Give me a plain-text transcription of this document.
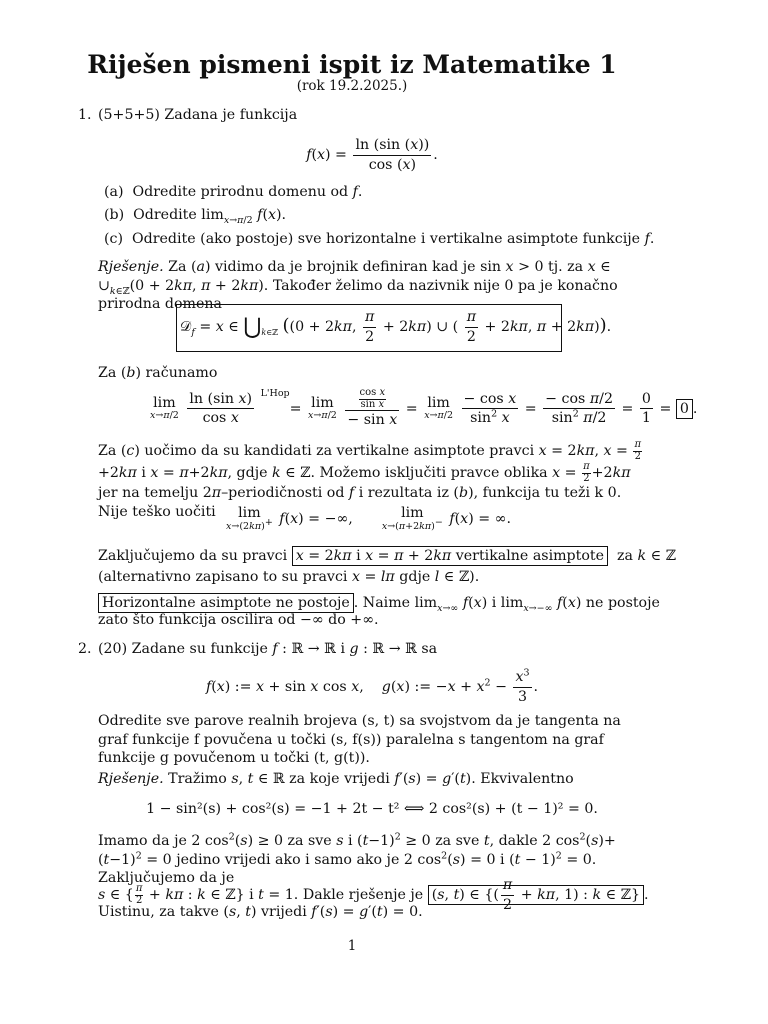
Riješen pismeni ispit iz Matematike 1
(rok 19.2.2025.)
1. (5+5+5) Zadana je funkcija
$f(x) = \frac{\ln (\sin (x))}{\cos (x)}$ .
(a)  Odredite prirodnu domenu od f.
(b)  Odredite $\lim_{x\to\pi/2} f(x)$.
(c)  Odredite (ako postoje) sve horizontalne i vertikalne asimptote funkcije f.
Rješenje. Za (a) vidimo da je brojnik definiran kad je sin x > 0 tj. za x ∈ $\cup_{k\in ℤ}(0 + 2k\pi$, π + 2kπ). Također želimo da nazivnik nije 0 pa je konačno prirodna domena
𝒟$_f$ = x ∈ $⋃_{k\in ℤ}$ ((0 + 2kπ, $\frac{\pi}{2} + 2k\pi$) ∪ ( $\frac{\pi}{2} + 2k\pi$, π + 2kπ)).
Za (b) računamo
lim
x→π/2
$\frac{\text{ln (sin x)}}{\text{cos x}} ^{L'Hop}= \lim$
x→π/2
$\frac{\frac{\text{cos x}}{\text{sin x}}}{\text{− sin x}} = \lim$
x→π/2
$\frac{\text{− cos x}}{\sin^2 x} = \frac{\text{− cos π/2}}{\sin^2 \pi/2} = \frac{0}{1} = 0$ .
Za (c) uočimo da su kandidati za vertikalne asimptote pravci x = 2kπ, $x = \frac{\pi}{2}$
+2kπ i x = π+2kπ, gdje k ∈ ℤ. Možemo isključiti pravce oblika $x = \frac{\pi}{2} +2k\pi$ jer na temelju 2π–periodičnosti od f i rezultata iz (b), funkcija tu teži k 0. Nije teško uočiti	lim
x→(2kπ)+ f(x) = −∞,      lim
x→(π+2kπ)− f(x) = ∞.
Zaključujemo da su pravci x = 2kπ i x = π + 2kπ vertikalne asimptote  za k ∈ ℤ
(alternativno zapisano to su pravci x = lπ gdje l ∈ ℤ).
Horizontalne asimptote ne postoje . Naime $\lim_{x\to\infty} f(x)$ i $\lim_{x\to-\infty} f(x)$ ne postoje
zato što funkcija oscilira od −∞ do +∞.
2. (20) Zadane su funkcije f : ℝ → ℝ i g : ℝ → ℝ sa
f(x) := x + sin x cos x,    g(x) := $-x + x^2 - \frac{x^3}{3}$ .
Odredite sve parove realnih brojeva (s, t) sa svojstvom da je tangenta na graf funkcije f povučena u točki (s, f(s)) paralelna s tangentom na graf funkcije g povučenom u točki (t, g(t)).
Rješenje. Tražimo s, t ∈ ℝ za koje vrijedi f′(s) = g′(t). Ekvivalentno
1 − sin²(s) + cos²(s) = −1 + 2t − t² ⟺ 2 cos²(s) + (t − 1)² = 0.
Imamo da je 2 $\cos^2(s) \ge 0$ za sve s i $(t-1)^2 \ge 0$ za sve t, dakle 2 $\cos^2(s)+(t-1)^2 = 0$ jedino vrijedi ako i samo ako je 2 $\cos^2(s) = 0$ i $(t - 1)^2 = 0$. Zaključujemo da je
s ∈ { $\frac{\pi}{2} + k\pi$ : k ∈ ℤ} i t = 1. Dakle rješenje je (s, t) ∈ {( $\frac{\pi}{2} + k\pi$, 1) : k ∈ ℤ} .
Uistinu, za takve (s, t) vrijedi f′(s) = g′(t) = 0.
1
